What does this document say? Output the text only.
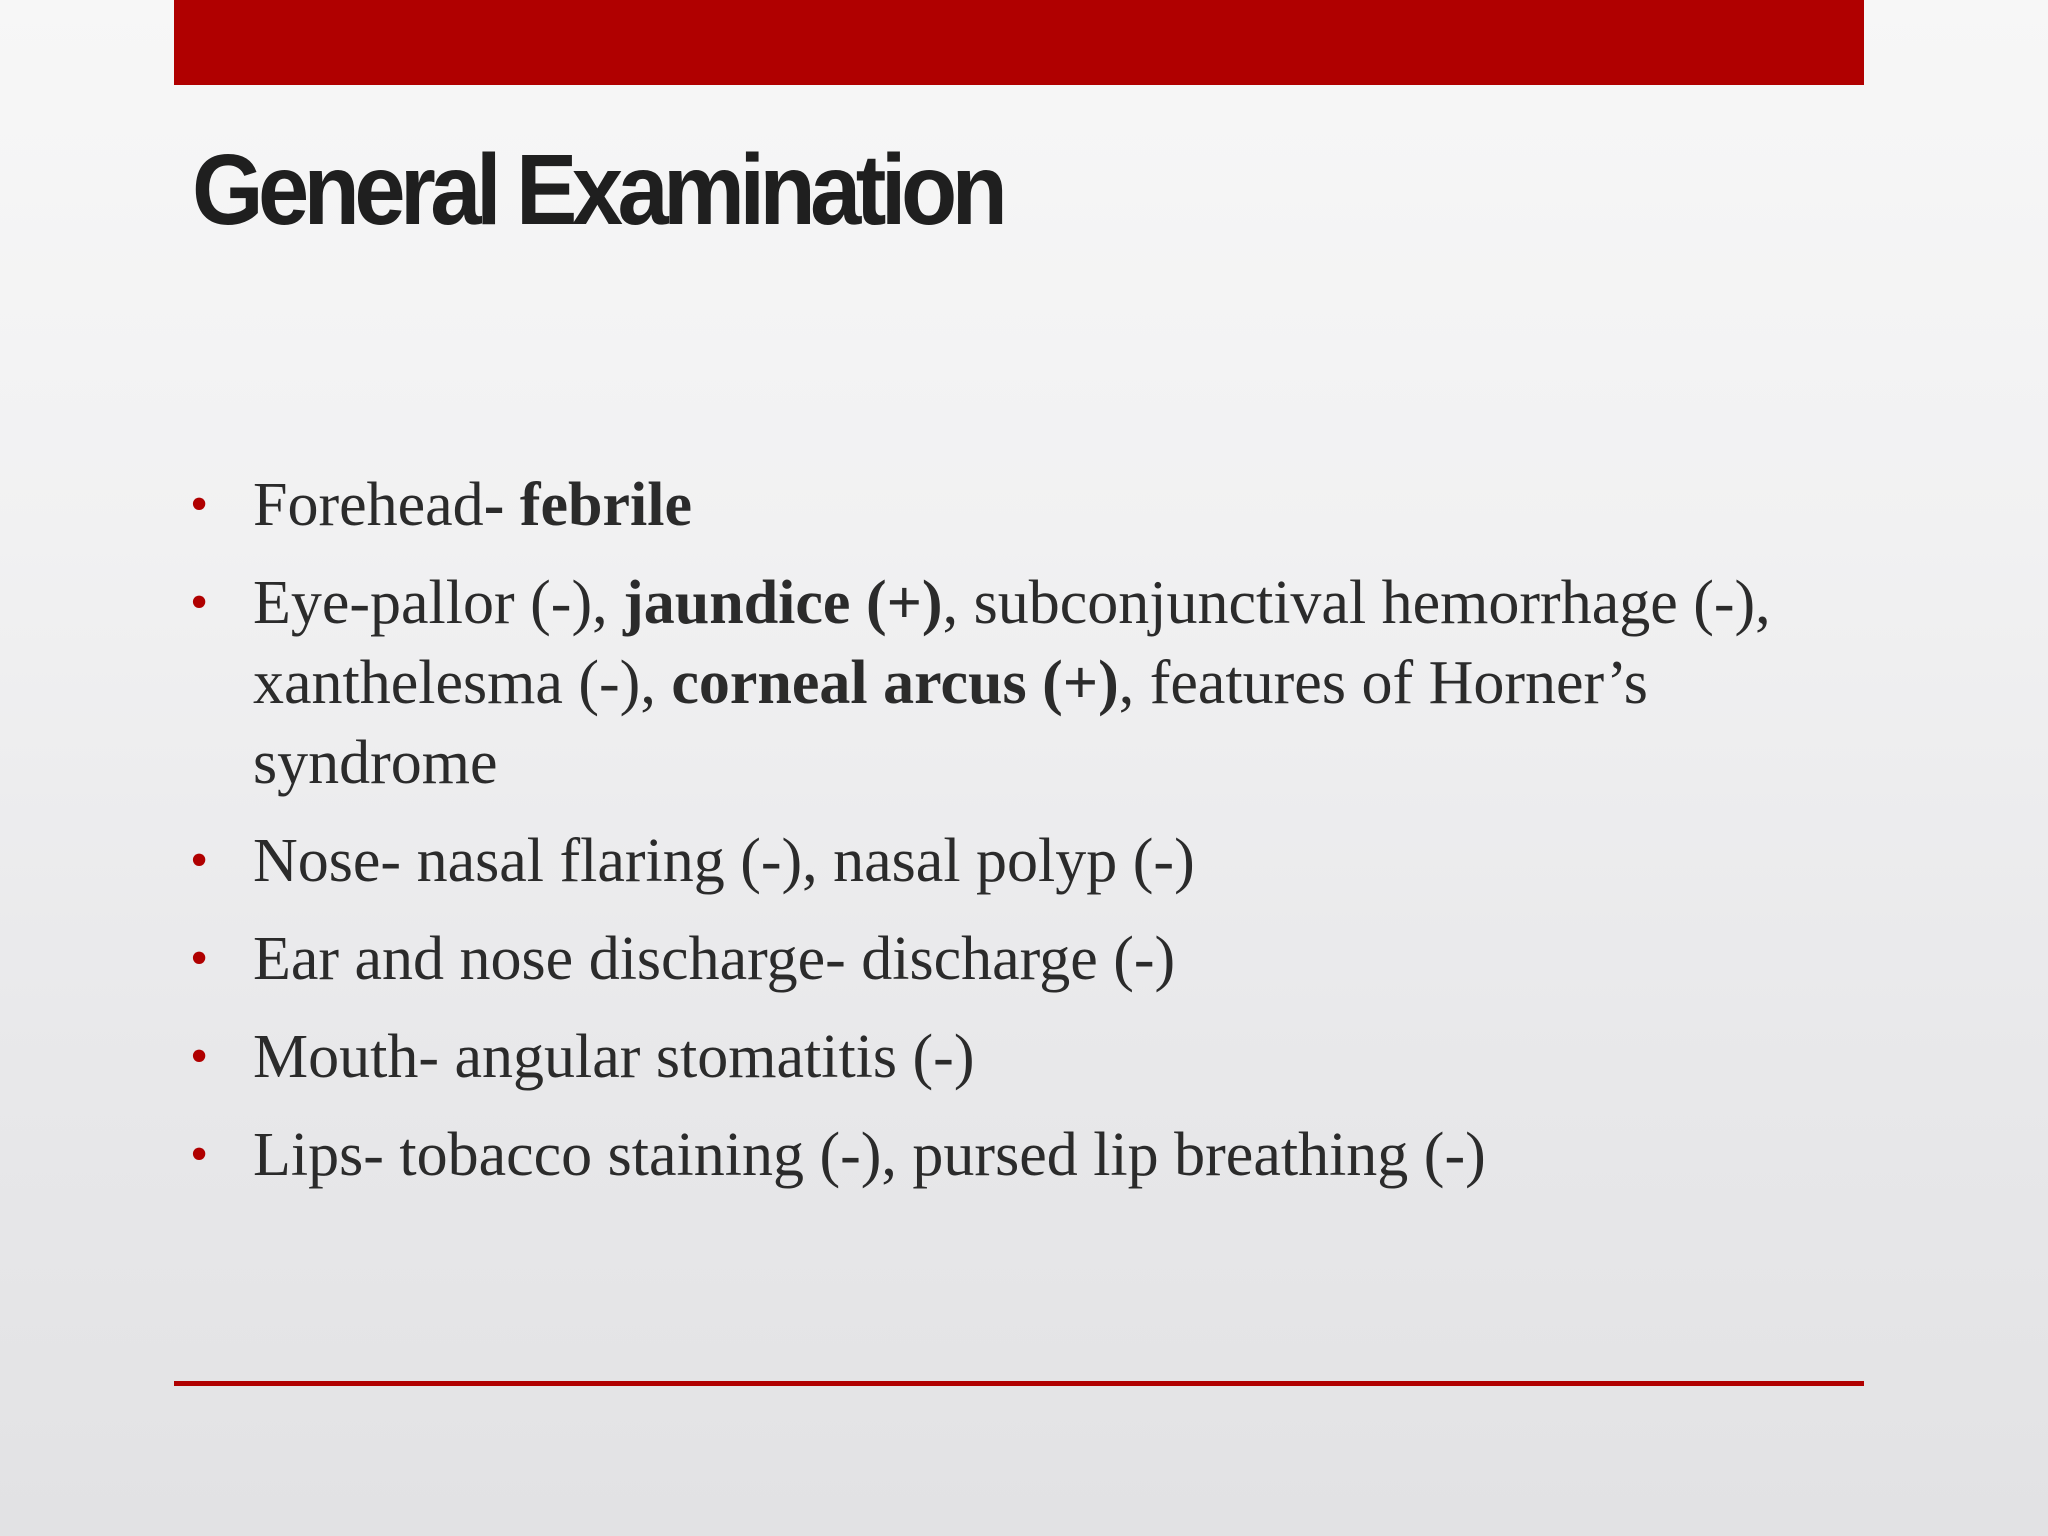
General Examination
• Forehead- febrile
• Eye-pallor (-), jaundice (+), subconjunctival hemorrhage (-), xanthelesma (-), corneal arcus (+), features of Horner’s syndrome
• Nose- nasal flaring (-), nasal polyp (-)
• Ear and nose discharge- discharge (-)
• Mouth- angular stomatitis (-)
• Lips- tobacco staining (-), pursed lip breathing (-)
